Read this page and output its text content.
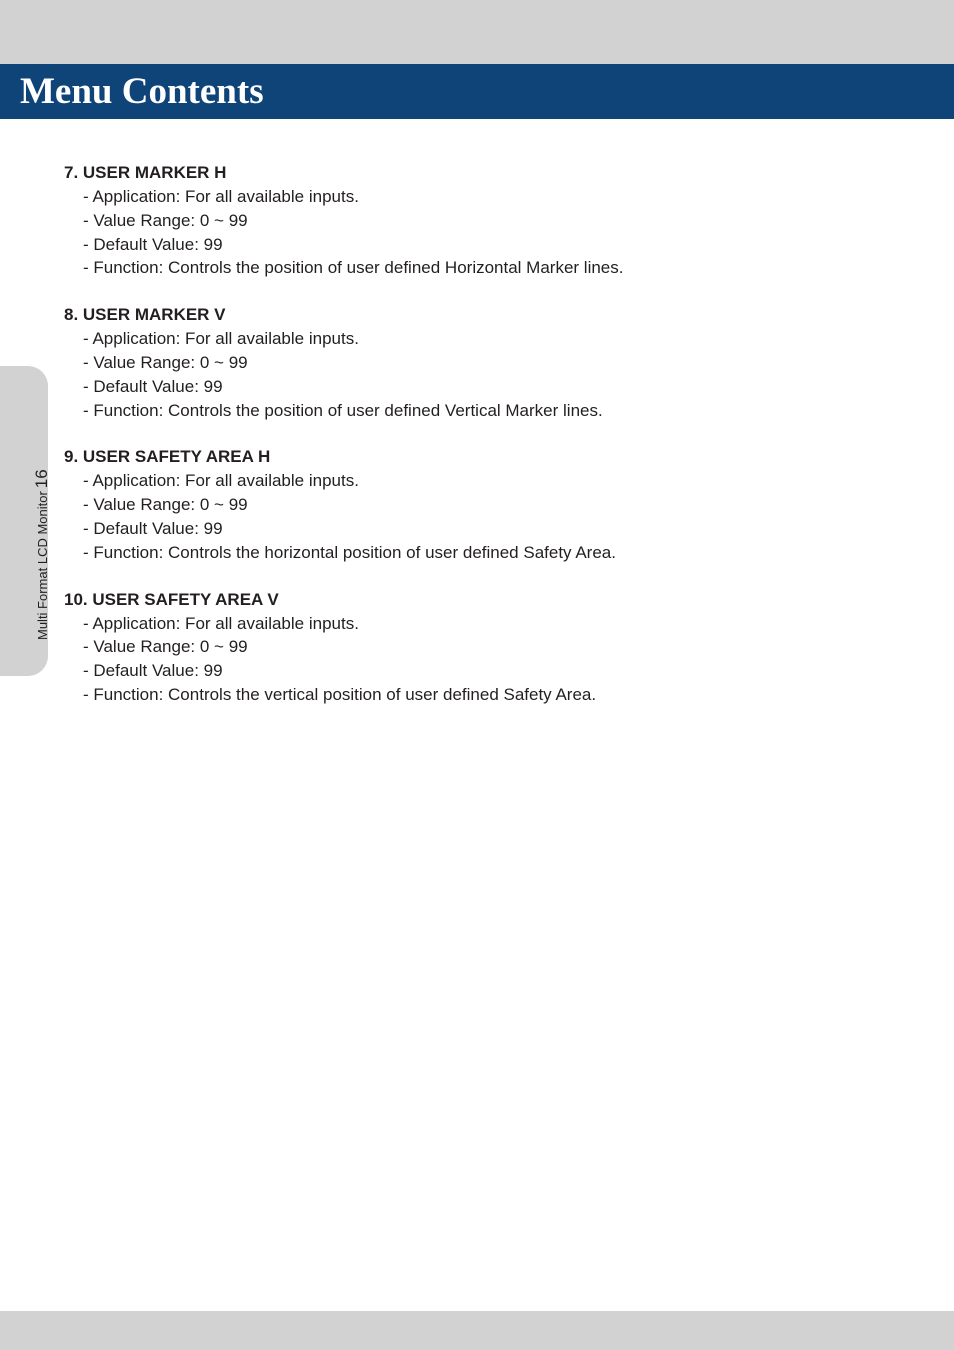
Menu Contents
Multi Format LCD Monitor16
7. USER MARKER H
- Application: For all available inputs.
- Value Range: 0 ~ 99
- Default Value: 99
- Function: Controls the position of user defined Horizontal Marker lines.
8. USER MARKER V
- Application: For all available inputs.
- Value Range: 0 ~ 99
- Default Value: 99
- Function: Controls the position of user defined Vertical Marker lines.
9. USER SAFETY AREA H
- Application: For all available inputs.
- Value Range: 0 ~ 99
- Default Value: 99
- Function: Controls the horizontal position of user defined Safety Area.
10. USER SAFETY AREA V
- Application: For all available inputs.
- Value Range: 0 ~ 99
- Default Value: 99
- Function: Controls the vertical position of user defined Safety Area.
